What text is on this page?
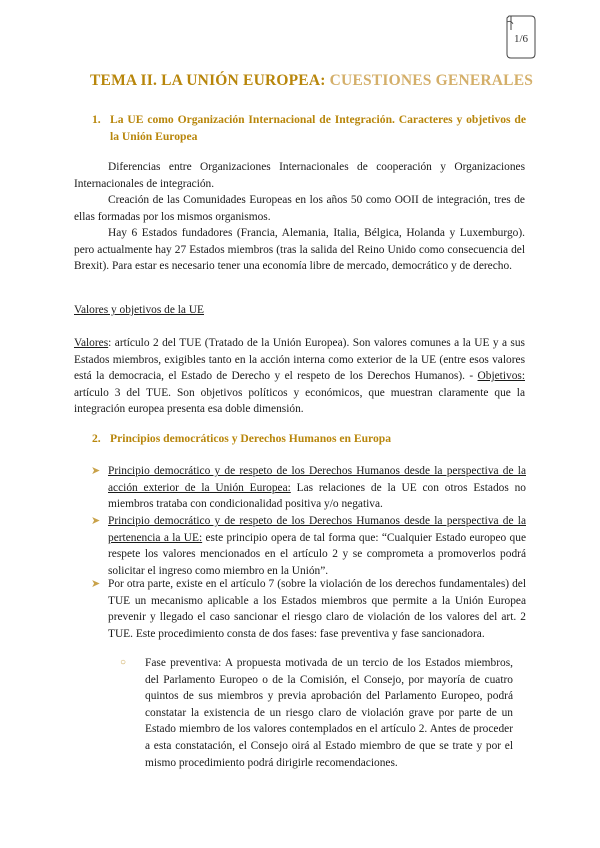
1/6
TEMA II. LA UNIÓN EUROPEA: CUESTIONES GENERALES
1. La UE como Organización Internacional de Integración. Caracteres y objetivos de la Unión Europea
Diferencias entre Organizaciones Internacionales de cooperación y Organizaciones Internacionales de integración.
Creación de las Comunidades Europeas en los años 50 como OOII de integración, tres de ellas formadas por los mismos organismos.
Hay 6 Estados fundadores (Francia, Alemania, Italia, Bélgica, Holanda y Luxemburgo). pero actualmente hay 27 Estados miembros (tras la salida del Reino Unido como consecuencia del Brexit). Para estar es necesario tener una economía libre de mercado, democrático y de derecho.
Valores y objetivos de la UE
Valores: artículo 2 del TUE (Tratado de la Unión Europea). Son valores comunes a la UE y a sus Estados miembros, exigibles tanto en la acción interna como exterior de la UE (entre esos valores está la democracia, el Estado de Derecho y el respeto de los Derechos Humanos). - Objetivos: artículo 3 del TUE. Son objetivos políticos y económicos, que muestran claramente que la integración europea presenta esa doble dimensión.
2. Principios democráticos y Derechos Humanos en Europa
➤ Principio democrático y de respeto de los Derechos Humanos desde la perspectiva de la acción exterior de la Unión Europea: Las relaciones de la UE con otros Estados no miembros trataba con condicionalidad positiva y/o negativa.
➤ Principio democrático y de respeto de los Derechos Humanos desde la perspectiva de la pertenencia a la UE: este principio opera de tal forma que: “Cualquier Estado europeo que respete los valores mencionados en el artículo 2 y se comprometa a promoverlos podrá solicitar el ingreso como miembro en la Unión”.
➤ Por otra parte, existe en el artículo 7 (sobre la violación de los derechos fundamentales) del TUE un mecanismo aplicable a los Estados miembros que permite a la Unión Europea prevenir y llegado el caso sancionar el riesgo claro de violación de los valores del art. 2 TUE. Este procedimiento consta de dos fases: fase preventiva y fase sancionadora.
○ Fase preventiva: A propuesta motivada de un tercio de los Estados miembros, del Parlamento Europeo o de la Comisión, el Consejo, por mayoría de cuatro quintos de sus miembros y previa aprobación del Parlamento Europeo, podrá constatar la existencia de un riesgo claro de violación grave por parte de un Estado miembro de los valores contemplados en el artículo 2. Antes de proceder a esta constatación, el Consejo oirá al Estado miembro de que se trate y por el mismo procedimiento podrá dirigirle recomendaciones.
